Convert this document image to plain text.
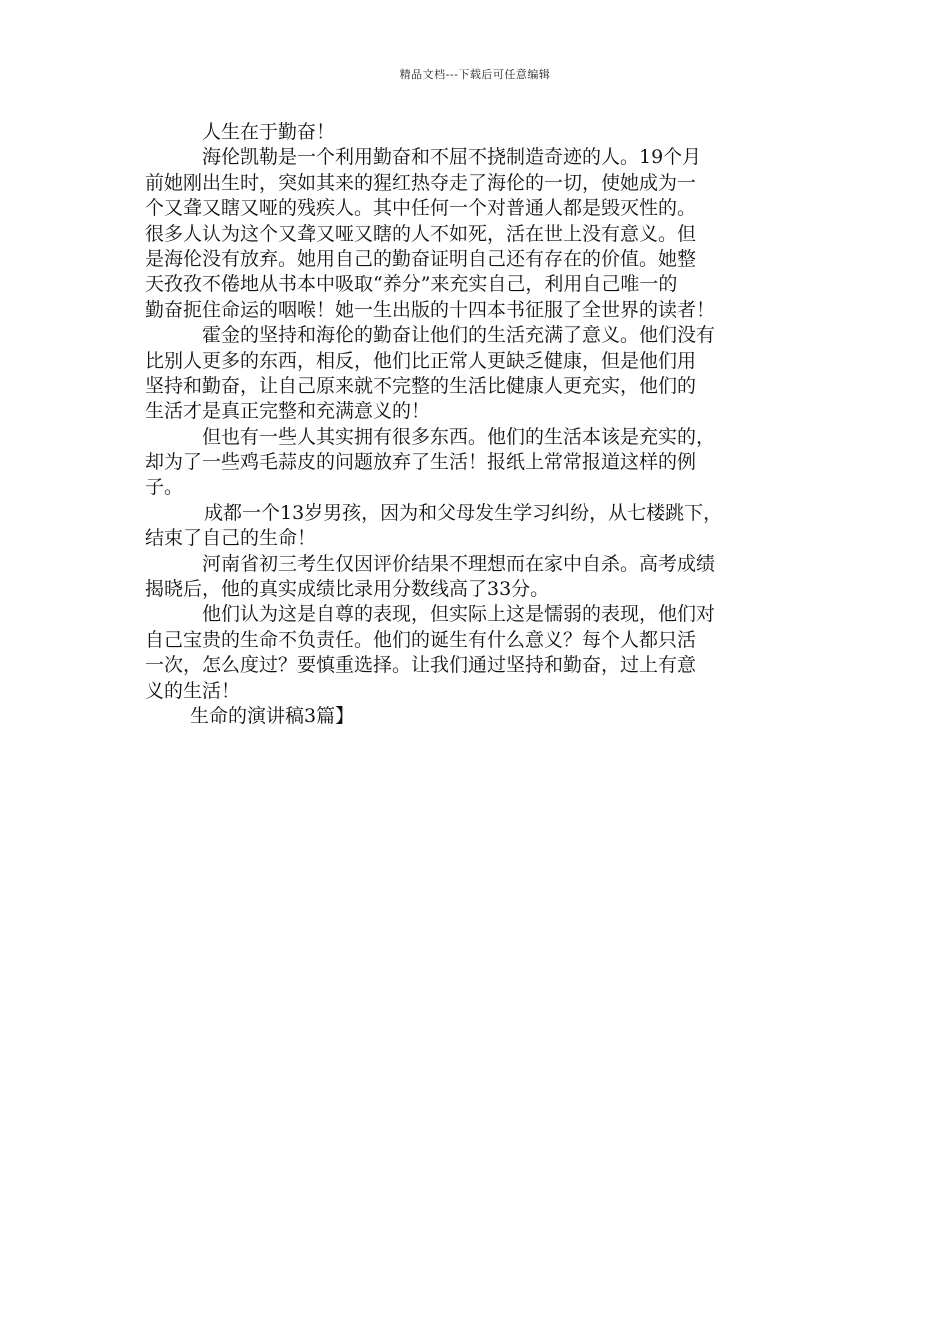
精品文档---下载后可任意编辑

人生在于勤奋！

海伦凯勒是一个利用勤奋和不屈不挠制造奇迹的人。19个月

前她刚出生时，突如其来的猩红热夺走了海伦的一切，使她成为一

个又聋又瞎又哑的残疾人。其中任何一个对普通人都是毁灭性的。

很多人认为这个又聋又哑又瞎的人不如死，活在世上没有意义。但

是海伦没有放弃。她用自己的勤奋证明自己还有存在的价值。她整

天孜孜不倦地从书本中吸取“养分”来充实自己，利用自己唯一的

勤奋扼住命运的咽喉！她一生出版的十四本书征服了全世界的读者！

霍金的坚持和海伦的勤奋让他们的生活充满了意义。他们没有

比别人更多的东西，相反，他们比正常人更缺乏健康，但是他们用

坚持和勤奋，让自己原来就不完整的生活比健康人更充实，他们的

生活才是真正完整和充满意义的！

但也有一些人其实拥有很多东西。他们的生活本该是充实的，

却为了一些鸡毛蒜皮的问题放弃了生活！报纸上常常报道这样的例

子。

成都一个13岁男孩，因为和父母发生学习纠纷，从七楼跳下，

结束了自己的生命！

河南省初三考生仅因评价结果不理想而在家中自杀。高考成绩

揭晓后，他的真实成绩比录用分数线高了33分。

他们认为这是自尊的表现，但实际上这是懦弱的表现，他们对

自己宝贵的生命不负责任。他们的诞生有什么意义？每个人都只活

一次，怎么度过？要慎重选择。让我们通过坚持和勤奋，过上有意

义的生活！

生命的演讲稿3篇】
